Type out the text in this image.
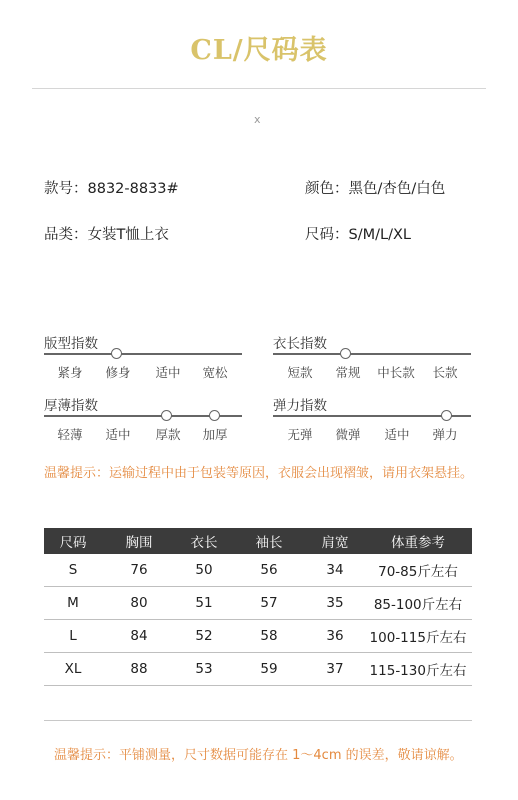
CL/尺码表
x
款号：8832-8833#
品类：女装T恤上衣
颜色：黑色/杏色/白色
尺码：S/M/L/XL
版型指数
紧身	修身	适中	宽松
衣长指数
短款	常规	中长款	长款
厚薄指数
轻薄	适中	厚款	加厚
弹力指数
无弹	微弹	适中	弹力
温馨提示：运输过程中由于包装等原因，衣服会出现褶皱，请用衣架悬挂。
尺码	胸围	衣长	袖长	肩宽	体重参考
S	76	50	56	34	70-85斤左右
M	80	51	57	35	85-100斤左右
L	84	52	58	36	100-115斤左右
XL	88	53	59	37	115-130斤左右
温馨提示：平铺测量，尺寸数据可能存在 1～4cm 的误差，敬请谅解。
